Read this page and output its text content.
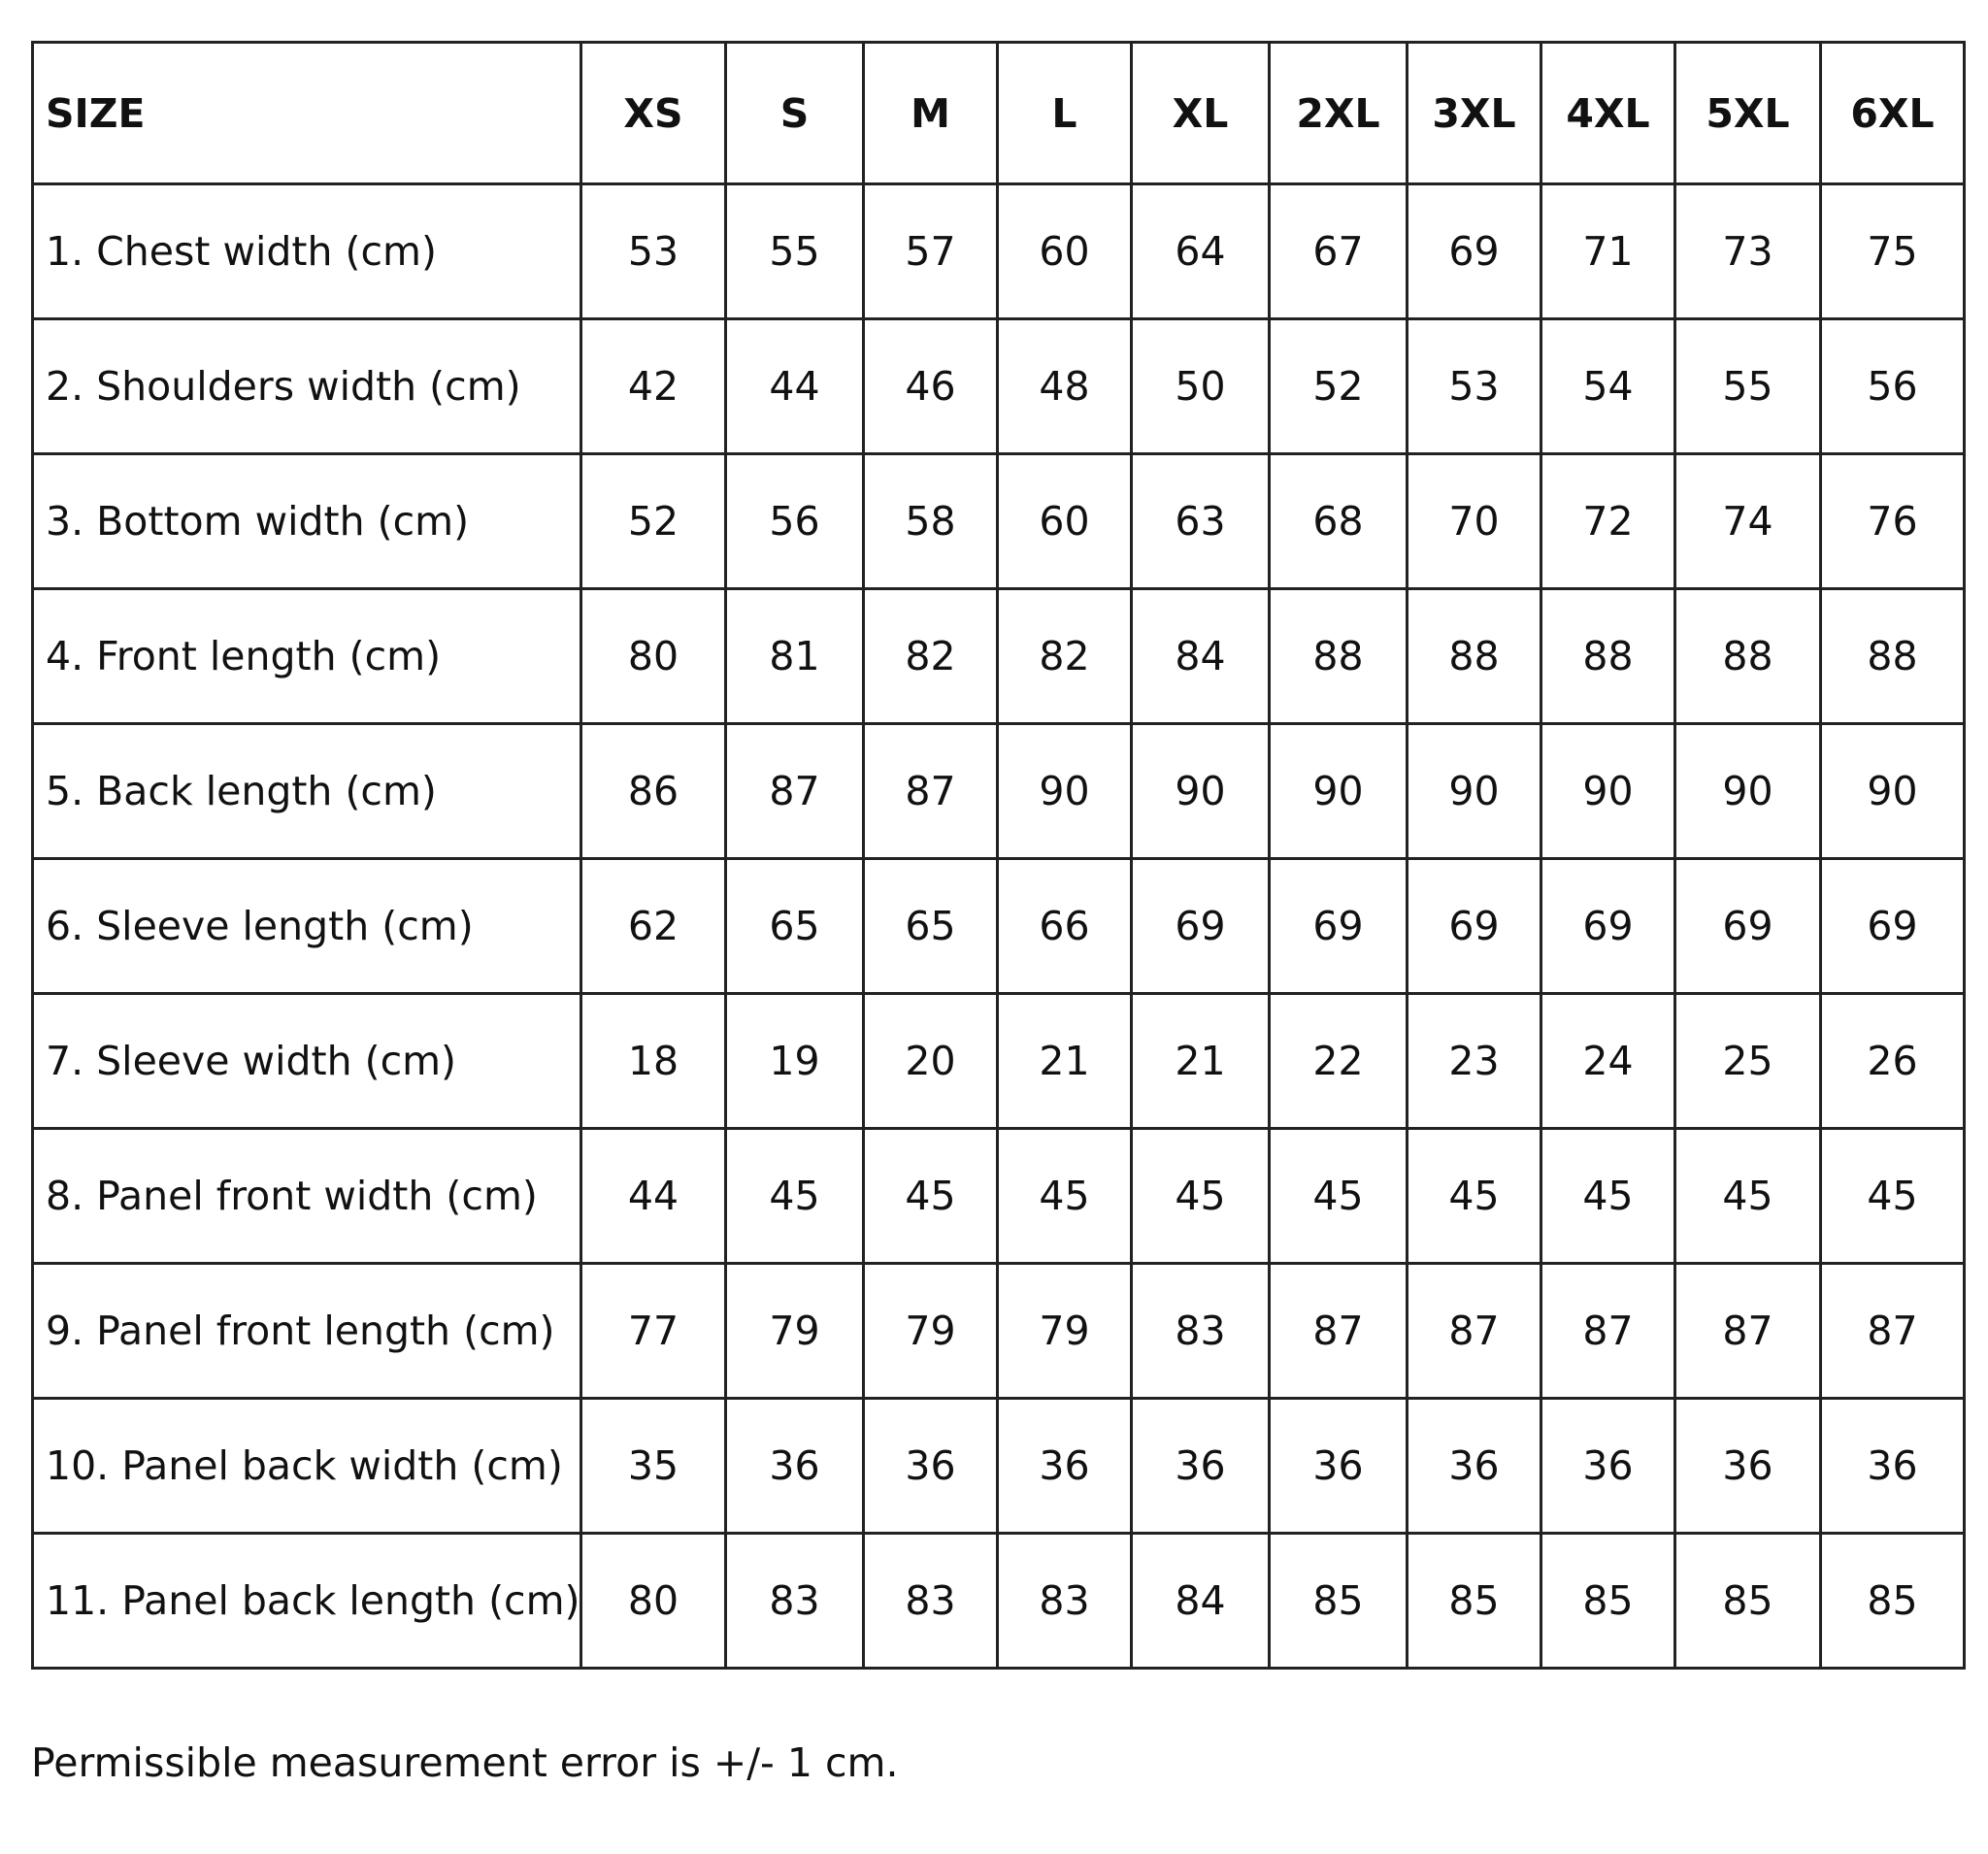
SIZE	XS	S	M	L	XL	2XL	3XL	4XL	5XL	6XL
1. Chest width (cm)	53	55	57	60	64	67	69	71	73	75
2. Shoulders width (cm)	42	44	46	48	50	52	53	54	55	56
3. Bottom width (cm)	52	56	58	60	63	68	70	72	74	76
4. Front length (cm)	80	81	82	82	84	88	88	88	88	88
5. Back length (cm)	86	87	87	90	90	90	90	90	90	90
6. Sleeve length (cm)	62	65	65	66	69	69	69	69	69	69
7. Sleeve width (cm)	18	19	20	21	21	22	23	24	25	26
8. Panel front width (cm)	44	45	45	45	45	45	45	45	45	45
9. Panel front length (cm)	77	79	79	79	83	87	87	87	87	87
10. Panel back width (cm)	35	36	36	36	36	36	36	36	36	36
11. Panel back length (cm)	80	83	83	83	84	85	85	85	85	85
Permissible measurement error is +/- 1 cm.
